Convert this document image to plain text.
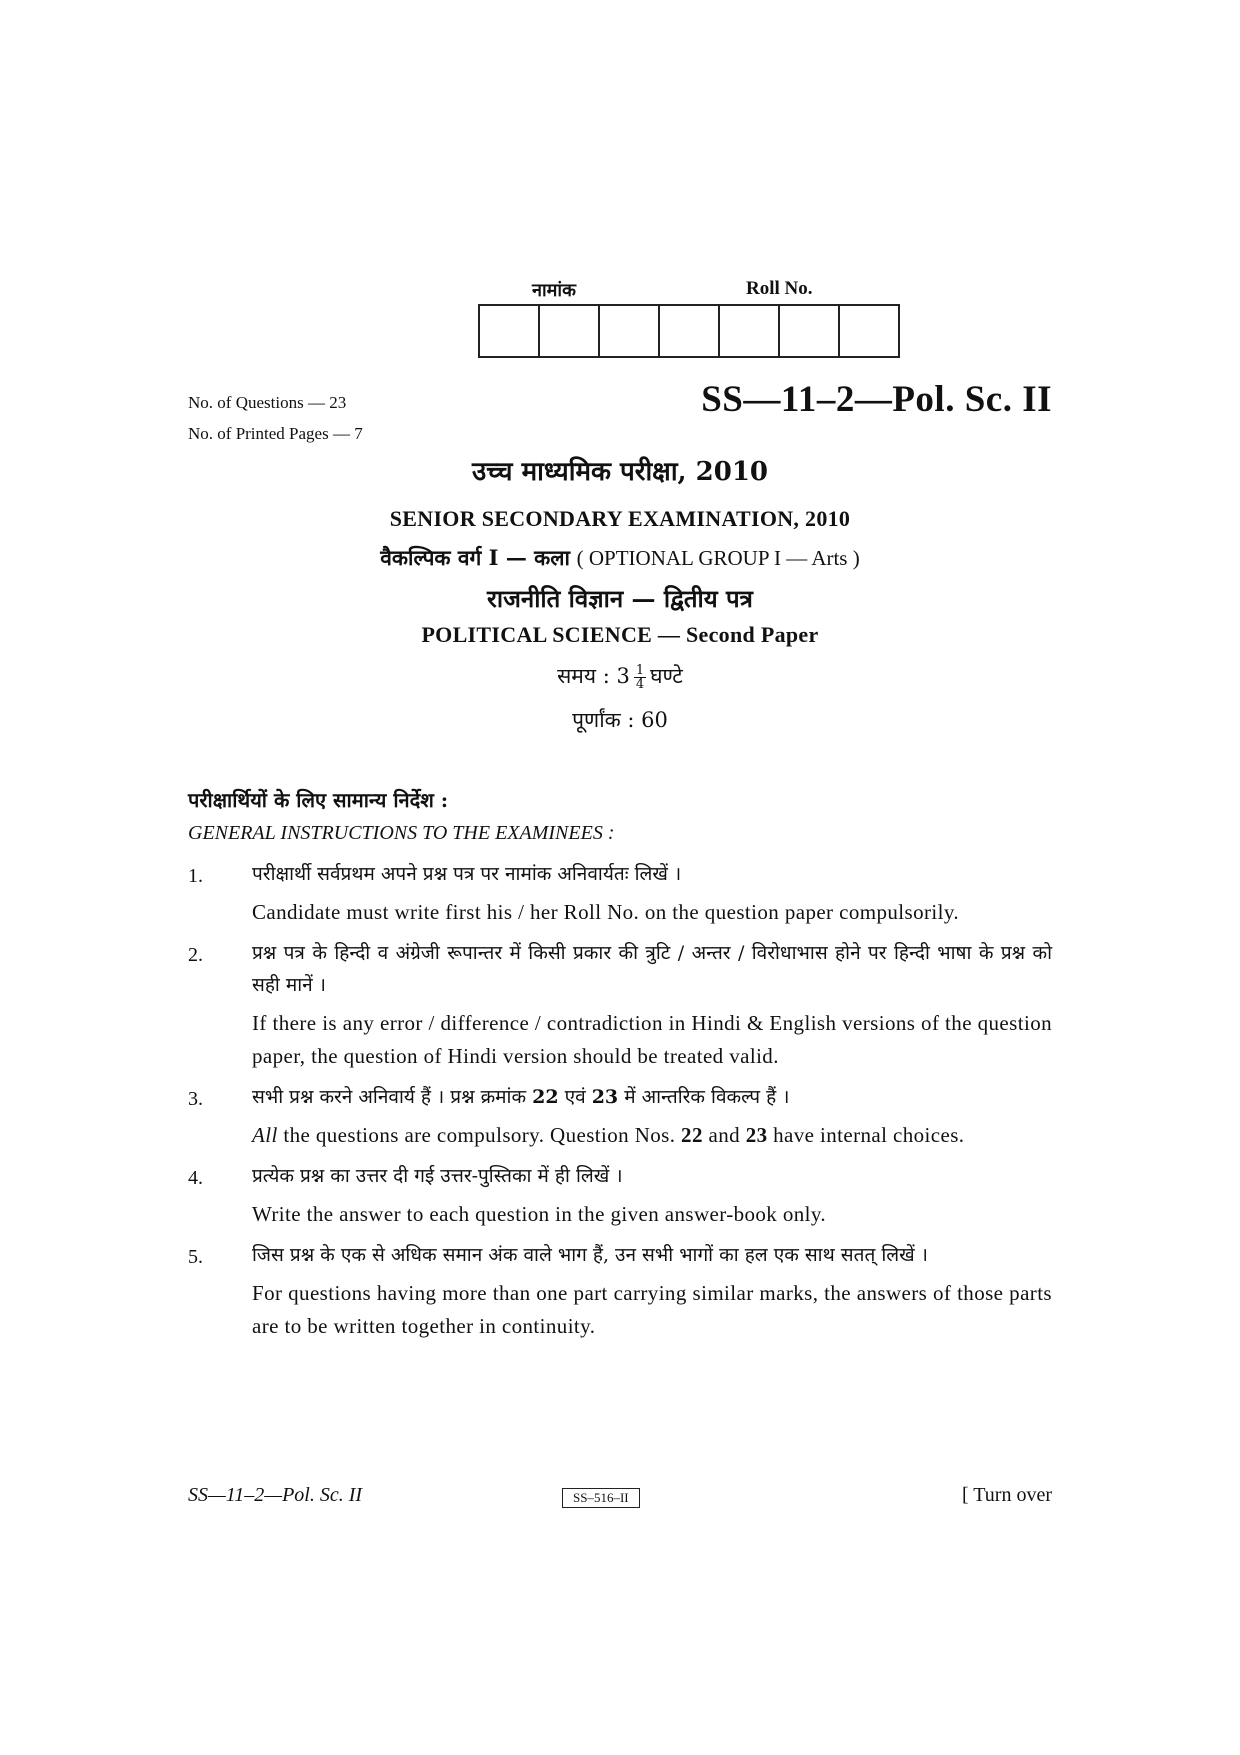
नामांक	Roll No.
No. of Questions — 23
No. of Printed Pages — 7
SS—11–2—Pol. Sc. II
उच्च माध्यमिक परीक्षा, 2010
SENIOR SECONDARY EXAMINATION, 2010
वैकल्पिक वर्ग I — कला ( OPTIONAL GROUP I — Arts )
राजनीति विज्ञान — द्वितीय पत्र
POLITICAL SCIENCE — Second Paper
समय : $3 \frac{1}{4}$ घण्टे
पूर्णांक : 60
परीक्षार्थियों के लिए सामान्य निर्देश :
GENERAL INSTRUCTIONS TO THE EXAMINEES :
1.	परीक्षार्थी सर्वप्रथम अपने प्रश्न पत्र पर नामांक अनिवार्यतः लिखें ।

Candidate must write first his / her Roll No. on the question paper compulsorily.

2.	प्रश्न पत्र के हिन्दी व अंग्रेजी रूपान्तर में किसी प्रकार की त्रुटि / अन्तर / विरोधाभास होने पर हिन्दी भाषा के प्रश्न को सही मानें ।

If there is any error / difference / contradiction in Hindi & English versions of the question paper, the question of Hindi version should be treated valid.

3.	सभी प्रश्न करने अनिवार्य हैं । प्रश्न क्रमांक 22 एवं 23 में आन्तरिक विकल्प हैं ।

All the questions are compulsory. Question Nos. 22 and 23 have internal choices.

4.	प्रत्येक प्रश्न का उत्तर दी गई उत्तर-पुस्तिका में ही लिखें ।

Write the answer to each question in the given answer-book only.

5.	जिस प्रश्न के एक से अधिक समान अंक वाले भाग हैं, उन सभी भागों का हल एक साथ सतत् लिखें ।

For questions having more than one part carrying similar marks, the answers of those parts are to be written together in continuity.

SS—11–2—Pol. Sc. II	SS–516–II	[ Turn over
